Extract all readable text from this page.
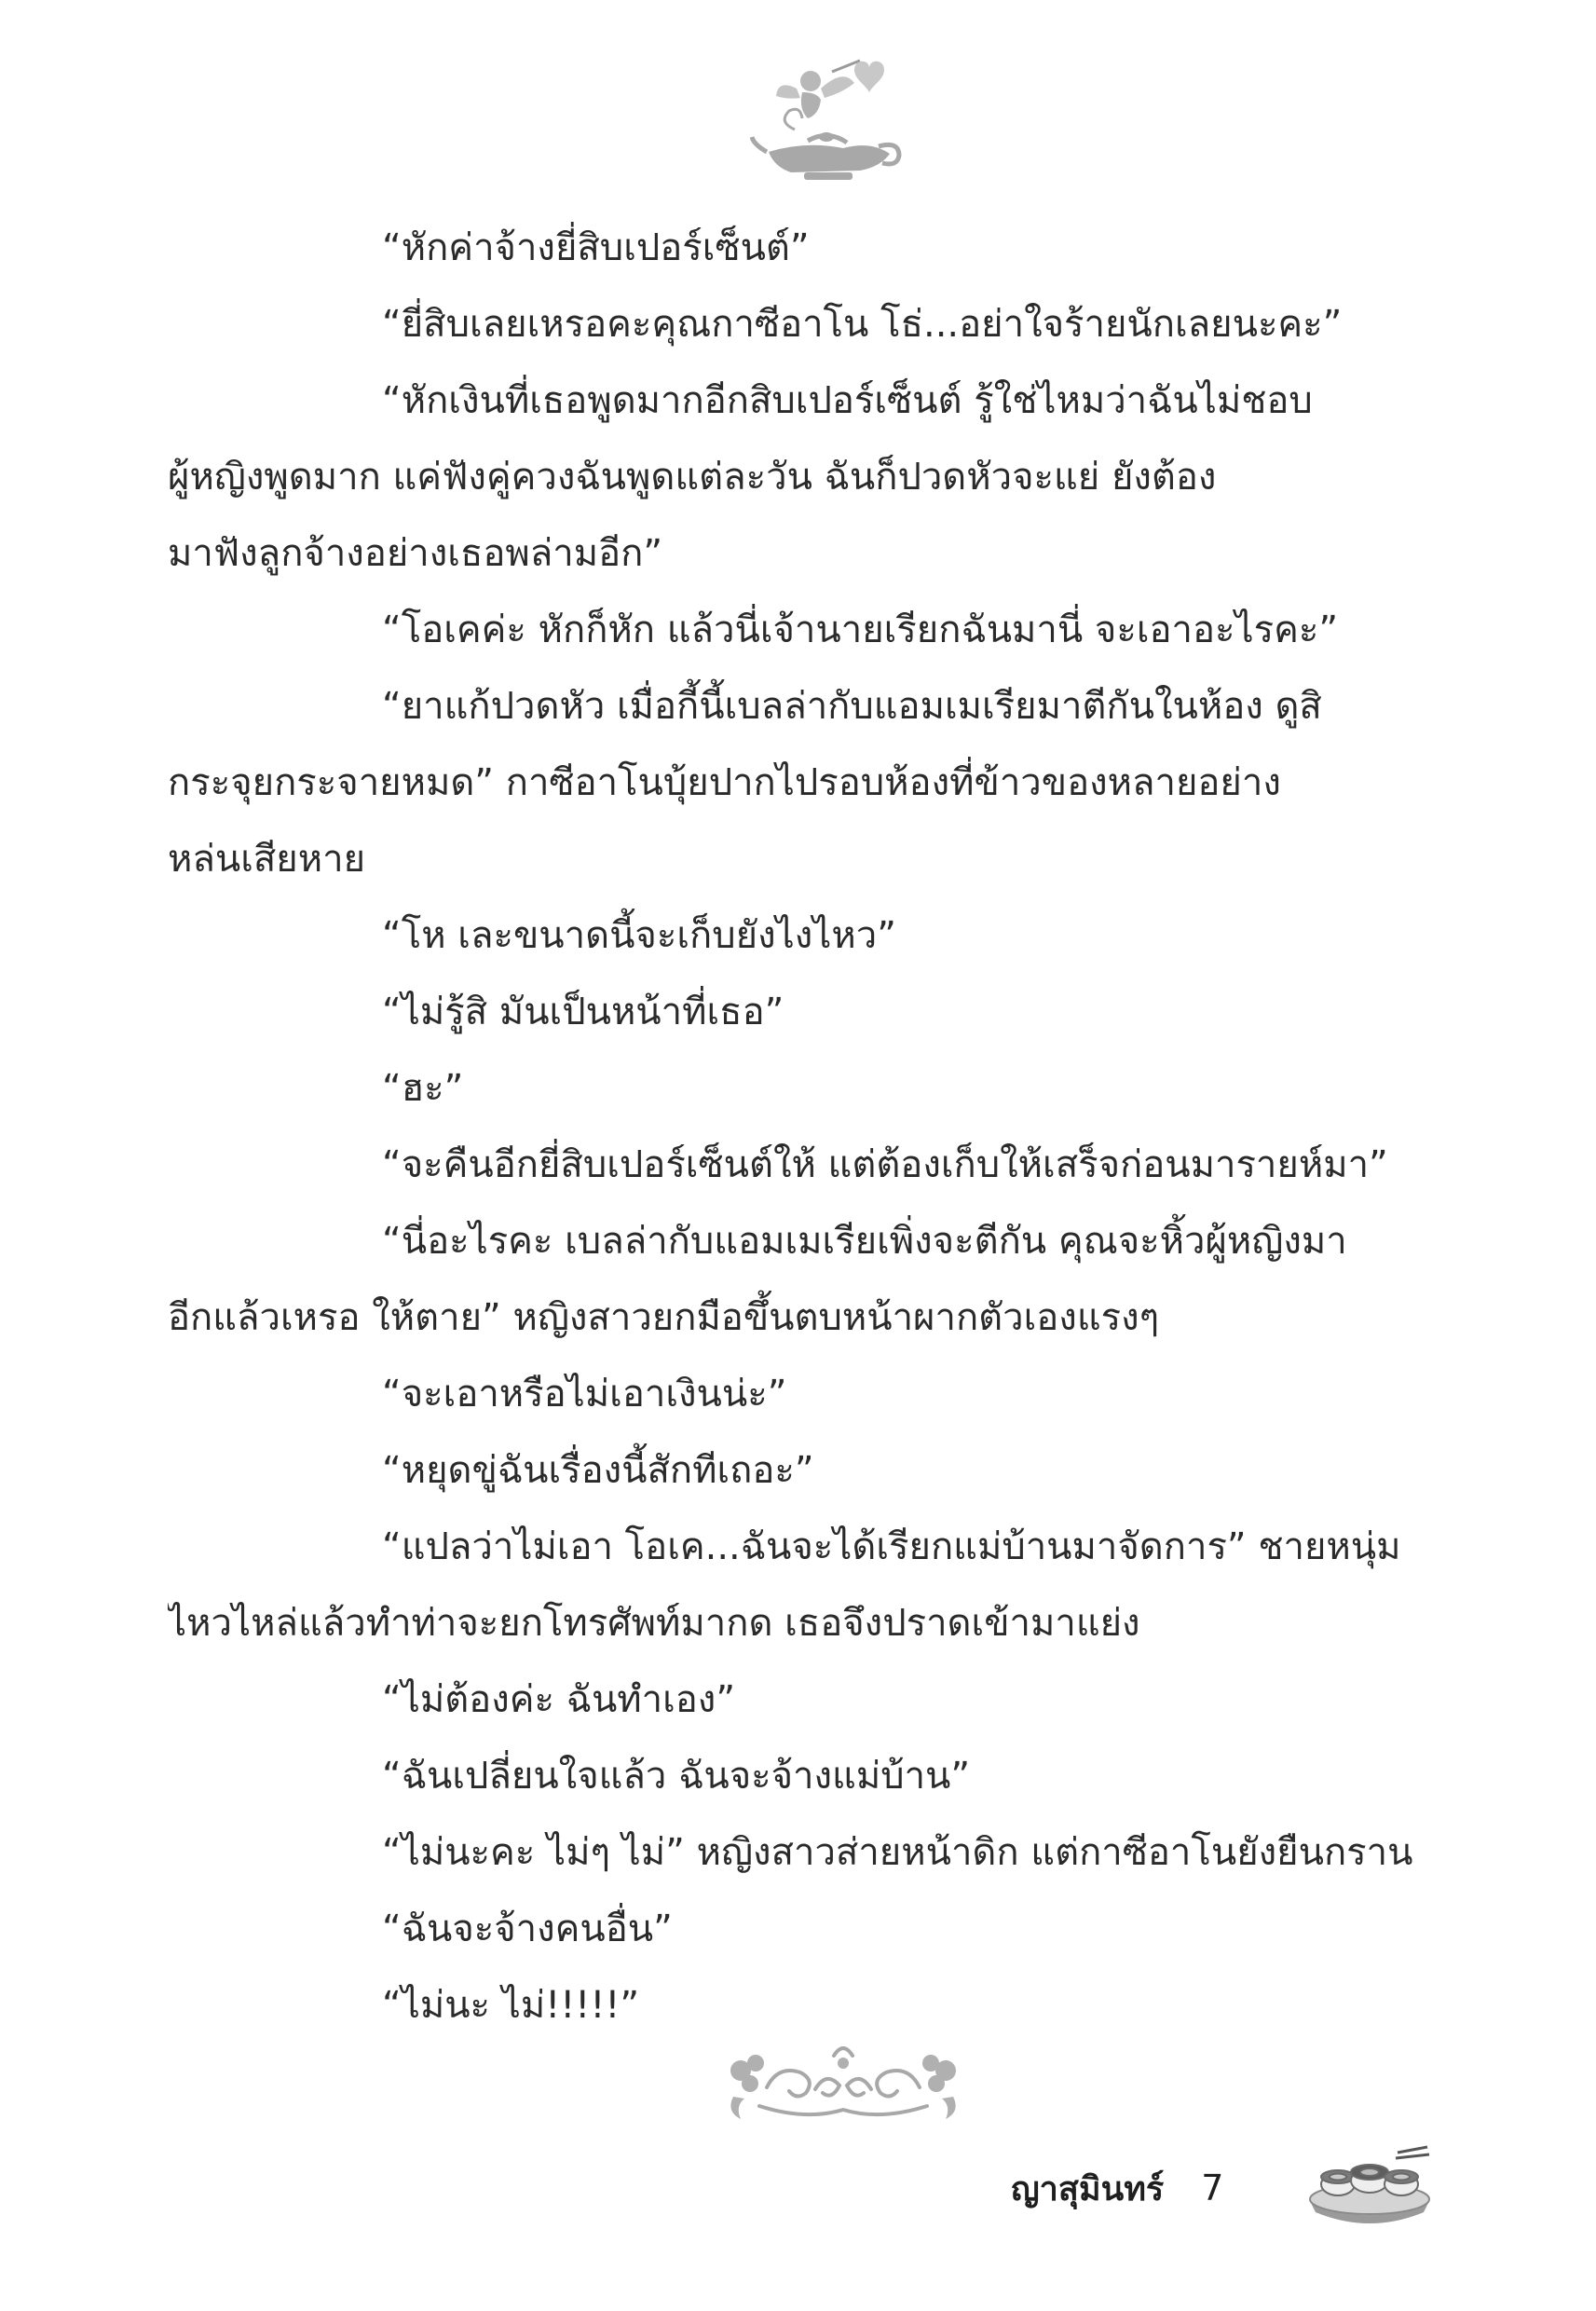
“หักค่าจ้างยี่สิบเปอร์เซ็นต์”
“ยี่สิบเลยเหรอคะคุณกาซีอาโน โธ่...อย่าใจร้ายนักเลยนะคะ”
“หักเงินที่เธอพูดมากอีกสิบเปอร์เซ็นต์ รู้ใช่ไหมว่าฉันไม่ชอบ
ผู้หญิงพูดมาก แค่ฟังคู่ควงฉันพูดแต่ละวัน ฉันก็ปวดหัวจะแย่ ยังต้อง
มาฟังลูกจ้างอย่างเธอพล่ามอีก”
“โอเคค่ะ หักก็หัก แล้วนี่เจ้านายเรียกฉันมานี่ จะเอาอะไรคะ”
“ยาแก้ปวดหัว เมื่อกี้นี้เบลล่ากับแอมเมเรียมาตีกันในห้อง ดูสิ
กระจุยกระจายหมด” กาซีอาโนบุ้ยปากไปรอบห้องที่ข้าวของหลายอย่าง
หล่นเสียหาย
“โห เละขนาดนี้จะเก็บยังไงไหว”
“ไม่รู้สิ มันเป็นหน้าที่เธอ”
“ฮะ”
“จะคืนอีกยี่สิบเปอร์เซ็นต์ให้ แต่ต้องเก็บให้เสร็จก่อนมารายห์มา”
“นี่อะไรคะ เบลล่ากับแอมเมเรียเพิ่งจะตีกัน คุณจะหิ้วผู้หญิงมา
อีกแล้วเหรอ ให้ตาย” หญิงสาวยกมือขึ้นตบหน้าผากตัวเองแรงๆ
“จะเอาหรือไม่เอาเงินน่ะ”
“หยุดขู่ฉันเรื่องนี้สักทีเถอะ”
“แปลว่าไม่เอา โอเค...ฉันจะได้เรียกแม่บ้านมาจัดการ” ชายหนุ่ม
ไหวไหล่แล้วทำท่าจะยกโทรศัพท์มากด เธอจึงปราดเข้ามาแย่ง
“ไม่ต้องค่ะ ฉันทำเอง”
“ฉันเปลี่ยนใจแล้ว ฉันจะจ้างแม่บ้าน”
“ไม่นะคะ ไม่ๆ ไม่” หญิงสาวส่ายหน้าดิก แต่กาซีอาโนยังยืนกราน
“ฉันจะจ้างคนอื่น”
“ไม่นะ ไม่!!!!!”
ญาสุมินทร์ 7
